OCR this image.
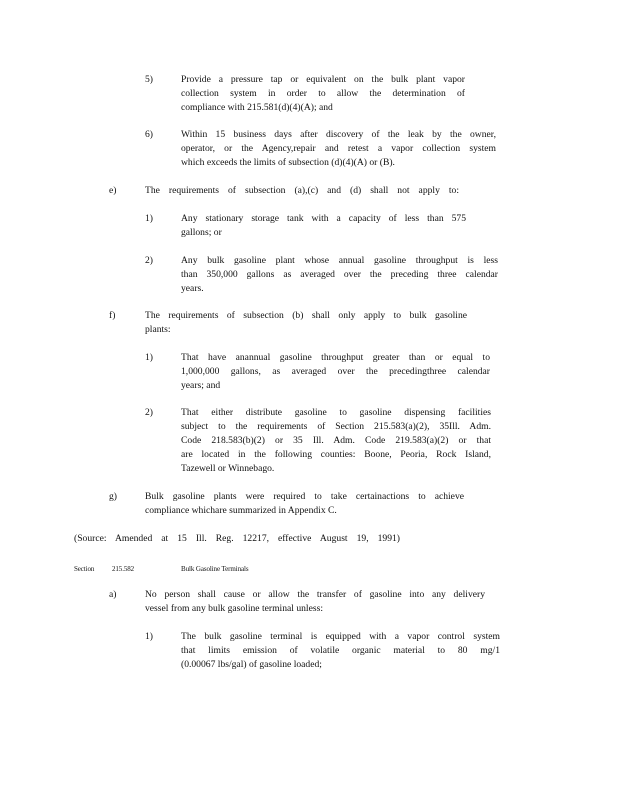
5)	Provide a pressure tap or equivalent on the bulk plant vapor
collection system in order to allow the determination of
compliance with 215.581(d)(4)(A); and
6)	Within 15 business days after discovery of the leak by the owner,
operator, or the Agency,repair and retest a vapor collection system
which exceeds the limits of subsection (d)(4)(A) or (B).
e)	The requirements of subsection (a),(c) and (d) shall not apply to:
1)	Any stationary storage tank with a capacity of less than 575
gallons; or
2)	Any bulk gasoline plant whose annual gasoline throughput is less
than 350,000 gallons as averaged over the preceding three calendar
years.
f)	The requirements of subsection (b) shall only apply to bulk gasoline
plants:
1)	That have anannual gasoline throughput greater than or equal to
1,000,000 gallons, as averaged over the precedingthree calendar
years; and
2)	That either distribute gasoline to gasoline dispensing facilities
subject to the requirements of Section 215.583(a)(2), 35Ill. Adm.
Code 218.583(b)(2) or 35 Ill. Adm. Code 219.583(a)(2) or that
are located in the following counties: Boone, Peoria, Rock Island,
Tazewell or Winnebago.
g)	Bulk gasoline plants were required to take certainactions to achieve
compliance whichare summarized in Appendix C.
(Source: Amended at 15 Ill. Reg. 12217, effective August 19, 1991)
Section	215.582	Bulk Gasoline Terminals
a)	No person shall cause or allow the transfer of gasoline into any delivery
vessel from any bulk gasoline terminal unless:
1)	The bulk gasoline terminal is equipped with a vapor control system
that limits emission of volatile organic material to 80 mg/1
(0.00067 lbs/gal) of gasoline loaded;
